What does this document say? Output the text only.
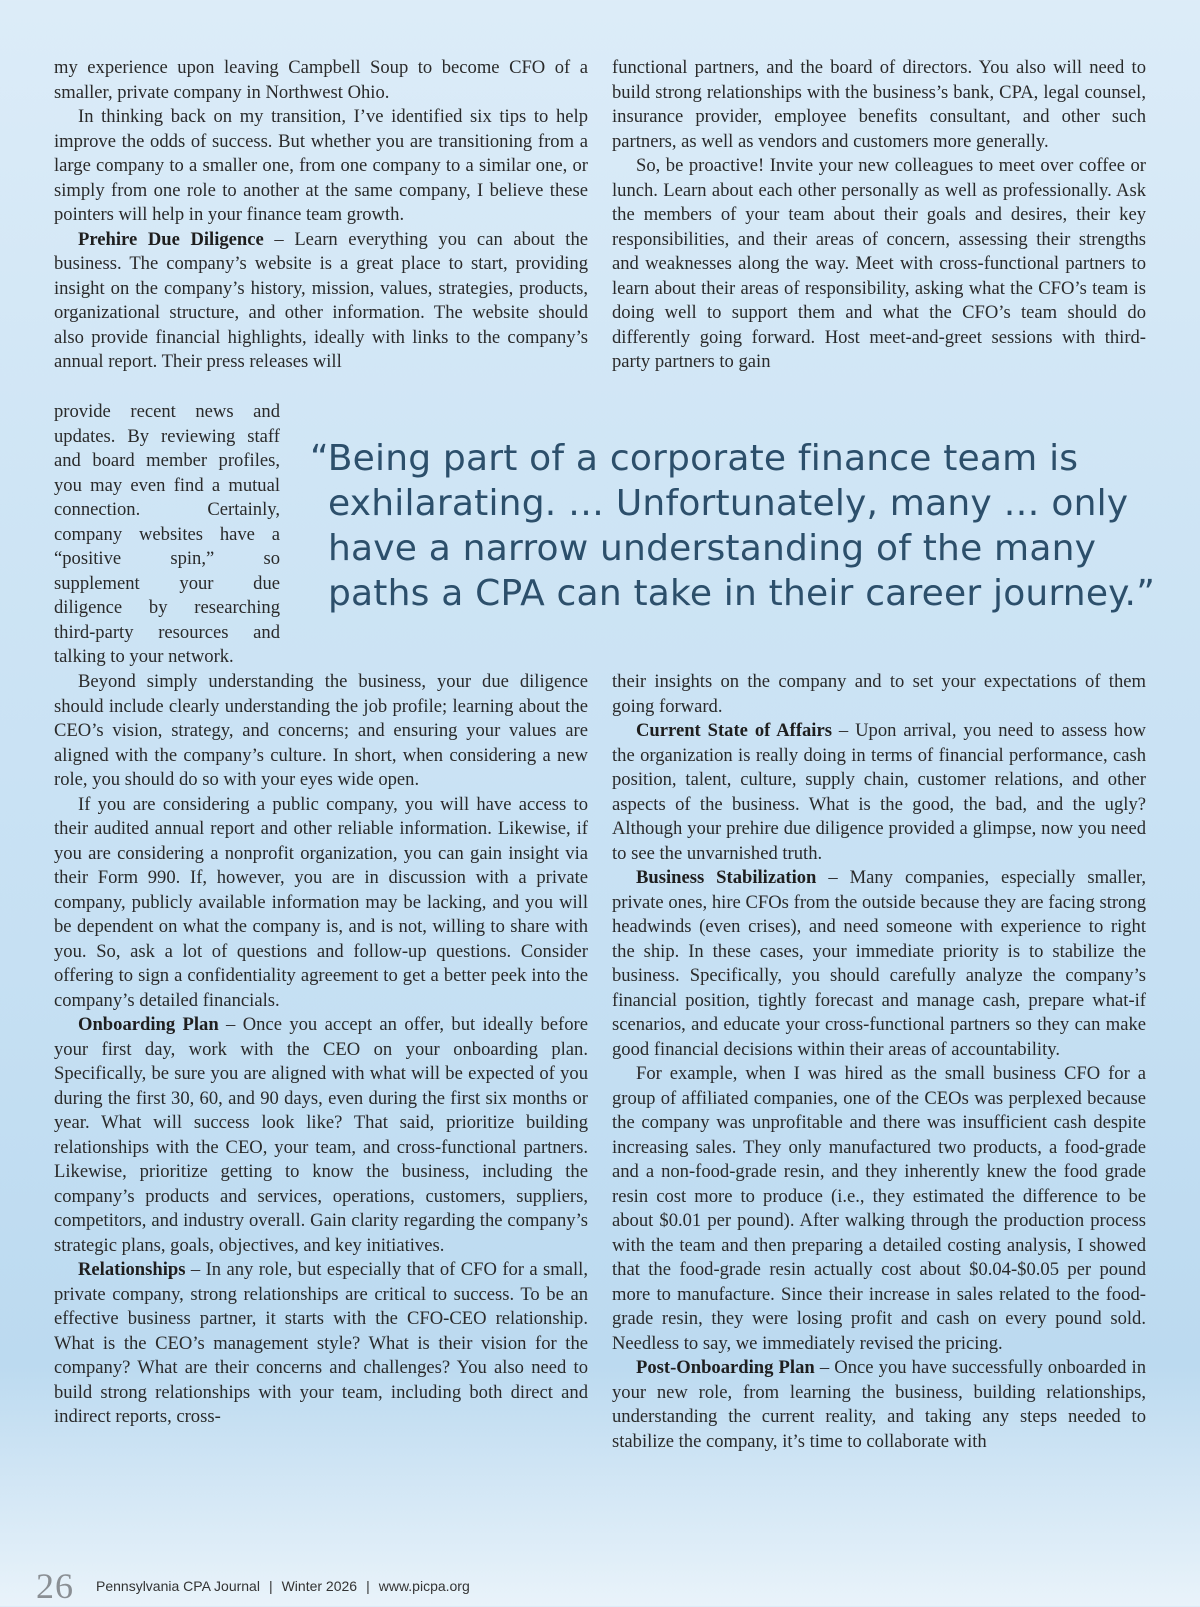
my experience upon leaving Campbell Soup to become CFO of a smaller, private company in Northwest Ohio.

In thinking back on my transition, I’ve identified six tips to help improve the odds of success. But whether you are transitioning from a large company to a smaller one, from one company to a similar one, or simply from one role to another at the same company, I believe these pointers will help in your finance team growth.

Prehire Due Diligence – Learn everything you can about the business. The company’s website is a great place to start, providing insight on the company’s history, mission, values, strategies, products, organizational structure, and other information. The website should also provide financial highlights, ideally with links to the company’s annual report. Their press releases will

provide recent news and updates. By reviewing staff and board member profiles, you may even find a mutual connection. Certainly, company websites have a “positive spin,” so supplement your due diligence by researching third-party resources and talking to your network.

functional partners, and the board of directors. You also will need to build strong relationships with the business’s bank, CPA, legal counsel, insurance provider, employee benefits consultant, and other such partners, as well as vendors and customers more generally.

So, be proactive! Invite your new colleagues to meet over coffee or lunch. Learn about each other personally as well as professionally. Ask the members of your team about their goals and desires, their key responsibilities, and their areas of concern, assessing their strengths and weaknesses along the way. Meet with cross-functional partners to learn about their areas of responsibility, asking what the CFO’s team is doing well to support them and what the CFO’s team should do differently going forward. Host meet-and-greet sessions with third-party partners to gain

“Being part of a corporate finance team is
exhilarating. … Unfortunately, many … only
have a narrow understanding of the many
paths a CPA can take in their career journey.”

Beyond simply understanding the business, your due diligence should include clearly understanding the job profile; learning about the CEO’s vision, strategy, and concerns; and ensuring your values are aligned with the company’s culture. In short, when considering a new role, you should do so with your eyes wide open.

If you are considering a public company, you will have access to their audited annual report and other reliable information. Likewise, if you are considering a nonprofit organization, you can gain insight via their Form 990. If, however, you are in discussion with a private company, publicly available information may be lacking, and you will be dependent on what the company is, and is not, willing to share with you. So, ask a lot of questions and follow-up questions. Consider offering to sign a confidentiality agreement to get a better peek into the company’s detailed financials.

Onboarding Plan – Once you accept an offer, but ideally before your first day, work with the CEO on your onboarding plan. Specifically, be sure you are aligned with what will be expected of you during the first 30, 60, and 90 days, even during the first six months or year. What will success look like? That said, prioritize building relationships with the CEO, your team, and cross-functional partners. Likewise, prioritize getting to know the business, including the company’s products and services, operations, customers, suppliers, competitors, and industry overall. Gain clarity regarding the company’s strategic plans, goals, objectives, and key initiatives.

Relationships – In any role, but especially that of CFO for a small, private company, strong relationships are critical to success. To be an effective business partner, it starts with the CFO-CEO relationship. What is the CEO’s management style? What is their vision for the company? What are their concerns and challenges? You also need to build strong relationships with your team, including both direct and indirect reports, cross-

their insights on the company and to set your expectations of them going forward.

Current State of Affairs – Upon arrival, you need to assess how the organization is really doing in terms of financial performance, cash position, talent, culture, supply chain, customer relations, and other aspects of the business. What is the good, the bad, and the ugly? Although your prehire due diligence provided a glimpse, now you need to see the unvarnished truth.

Business Stabilization – Many companies, especially smaller, private ones, hire CFOs from the outside because they are facing strong headwinds (even crises), and need someone with experience to right the ship. In these cases, your immediate priority is to stabilize the business. Specifically, you should carefully analyze the company’s financial position, tightly forecast and manage cash, prepare what-if scenarios, and educate your cross-functional partners so they can make good financial decisions within their areas of accountability.

For example, when I was hired as the small business CFO for a group of affiliated companies, one of the CEOs was perplexed because the company was unprofitable and there was insufficient cash despite increasing sales. They only manufactured two products, a food-grade and a non-food-grade resin, and they inherently knew the food grade resin cost more to produce (i.e., they estimated the difference to be about $0.01 per pound). After walking through the production process with the team and then preparing a detailed costing analysis, I showed that the food-grade resin actually cost about $0.04-$0.05 per pound more to manufacture. Since their increase in sales related to the food-grade resin, they were losing profit and cash on every pound sold. Needless to say, we immediately revised the pricing.

Post-Onboarding Plan – Once you have successfully onboarded in your new role, from learning the business, building relationships, understanding the current reality, and taking any steps needed to stabilize the company, it’s time to collaborate with

26 Pennsylvania CPA Journal | Winter 2026 | www.picpa.org
